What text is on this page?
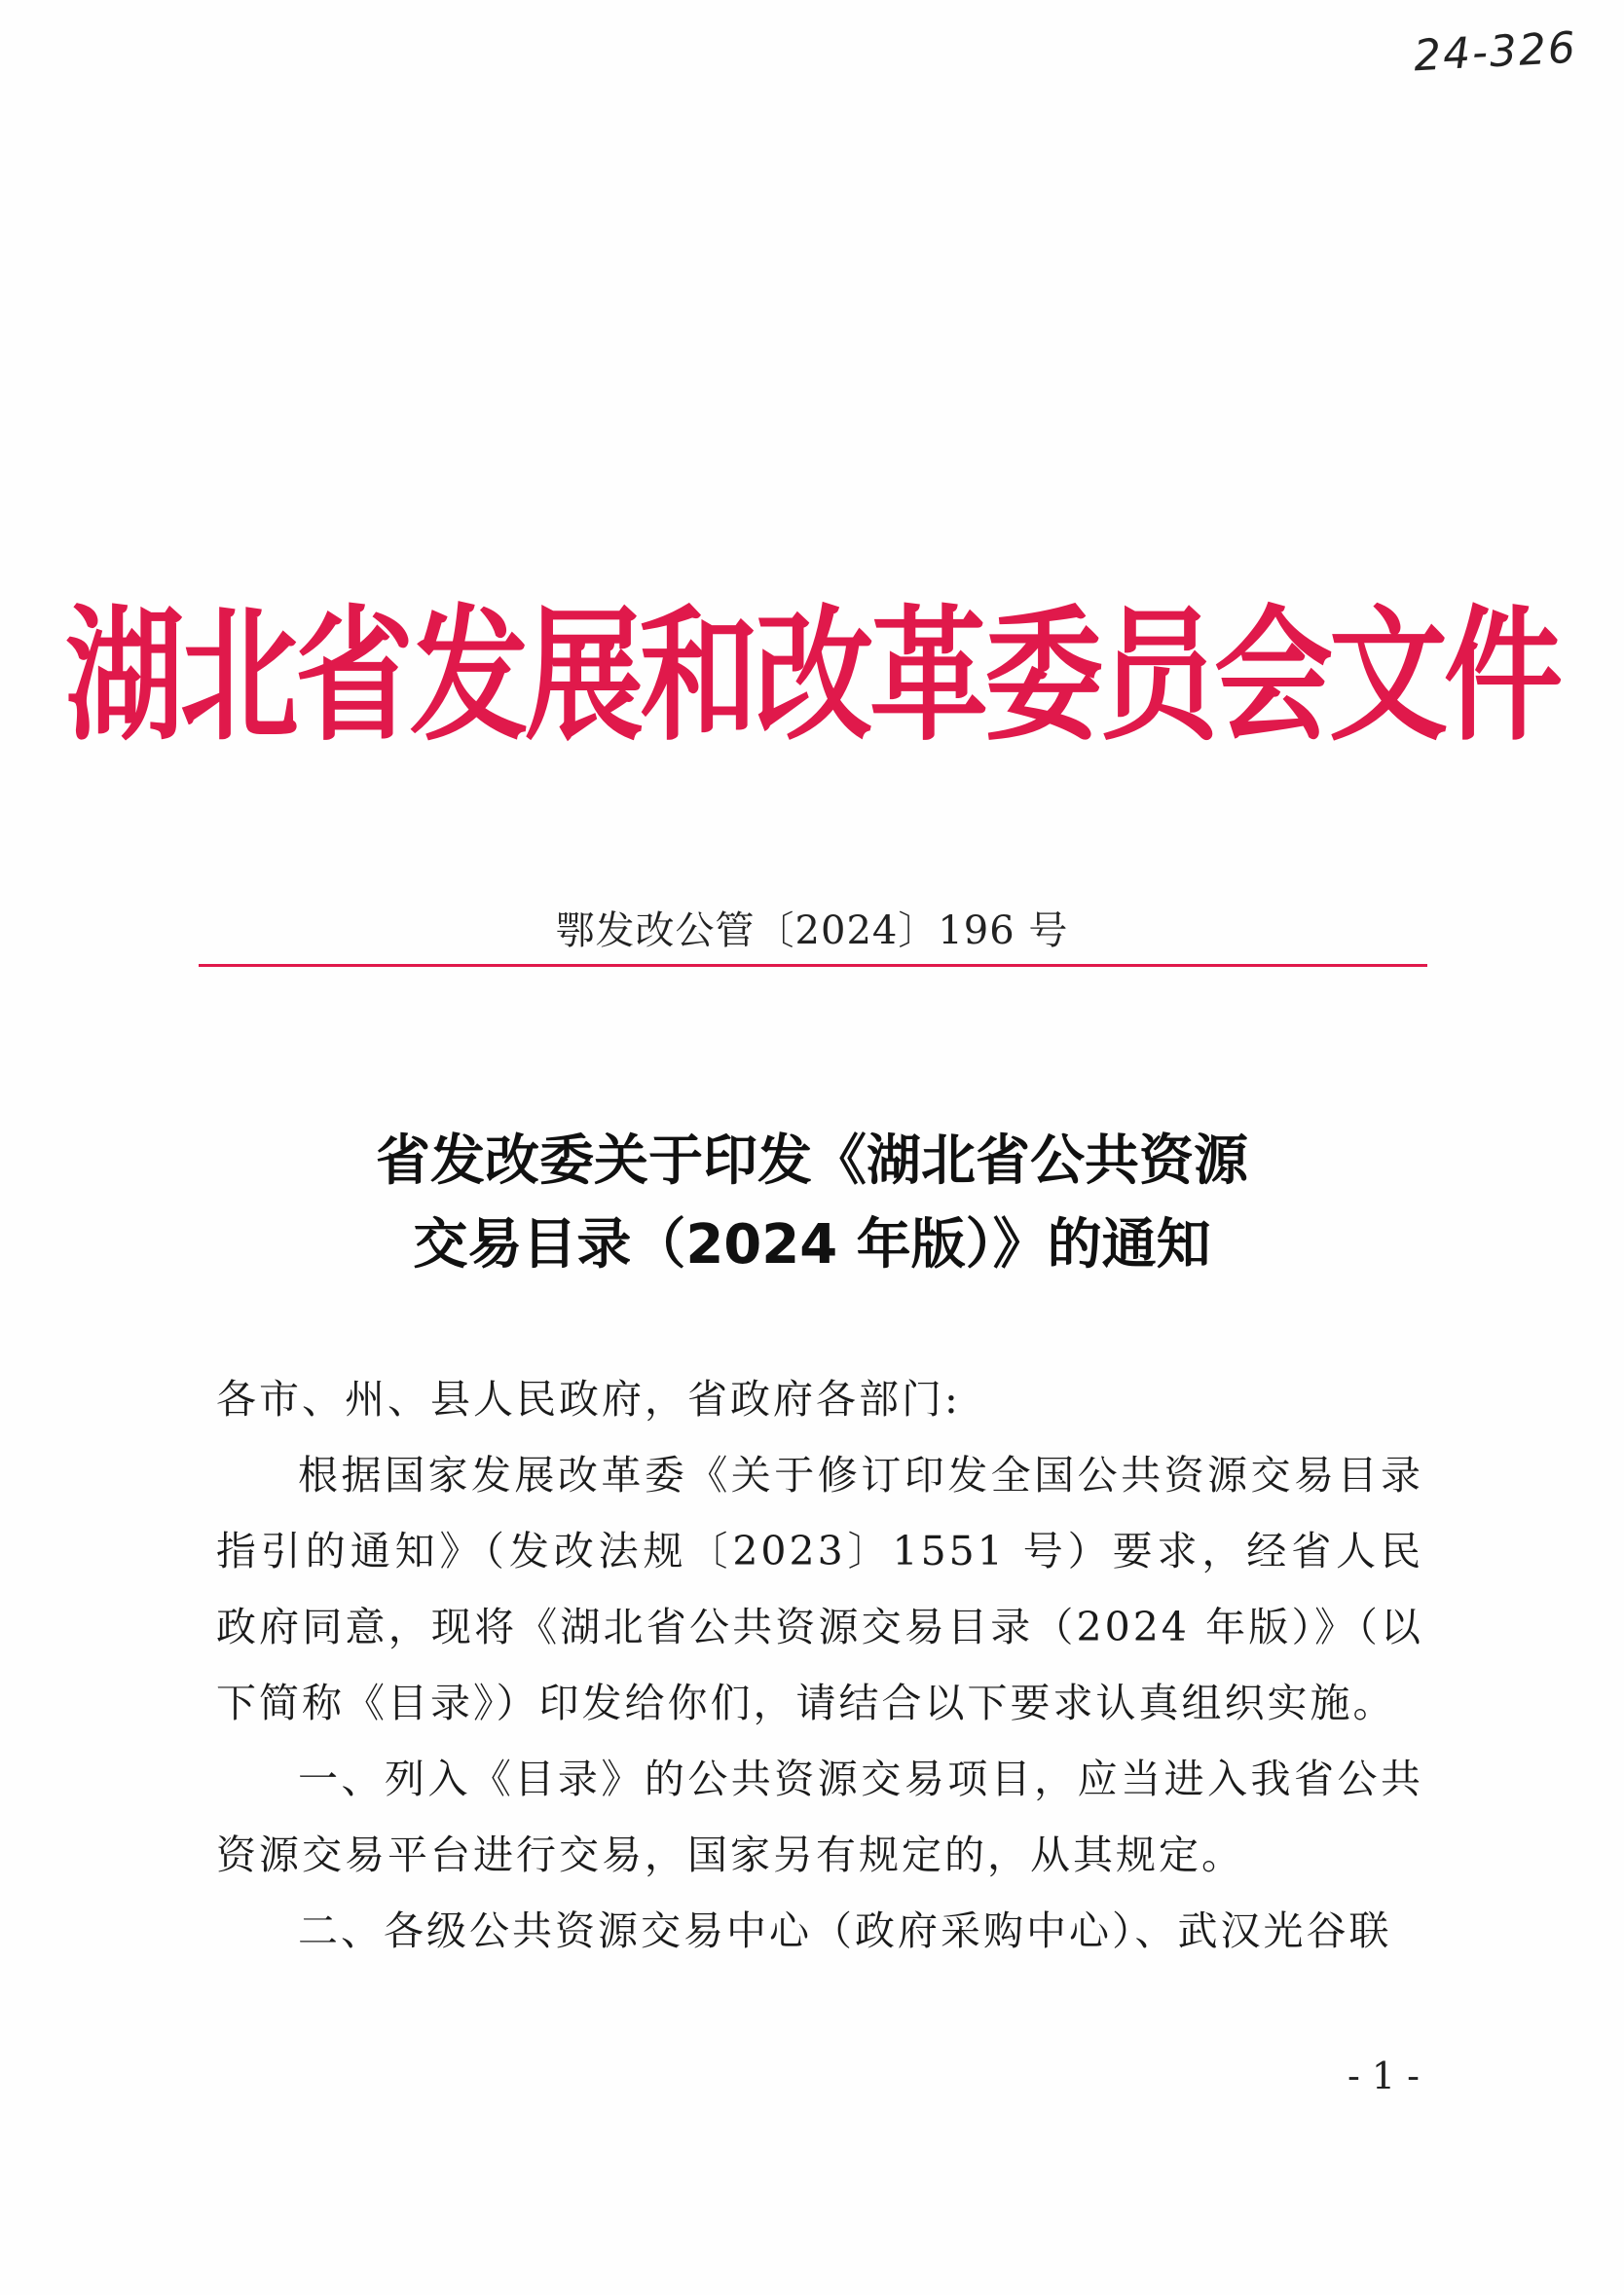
24-326
湖北省发展和改革委员会文件
鄂发改公管〔2024〕196 号
省发改委关于印发《湖北省公共资源
交易目录（2024 年版）》的通知

各市、州、县人民政府，省政府各部门:

根据国家发展改革委《关于修订印发全国公共资源交易目录指引的通知》（发改法规〔2023〕1551 号）要求，经省人民政府同意，现将《湖北省公共资源交易目录（2024 年版）》（以下简称《目录》）印发给你们，请结合以下要求认真组织实施。

一、列入《目录》的公共资源交易项目，应当进入我省公共资源交易平台进行交易，国家另有规定的，从其规定。

二、各级公共资源交易中心（政府采购中心）、武汉光谷联

- 1 -
